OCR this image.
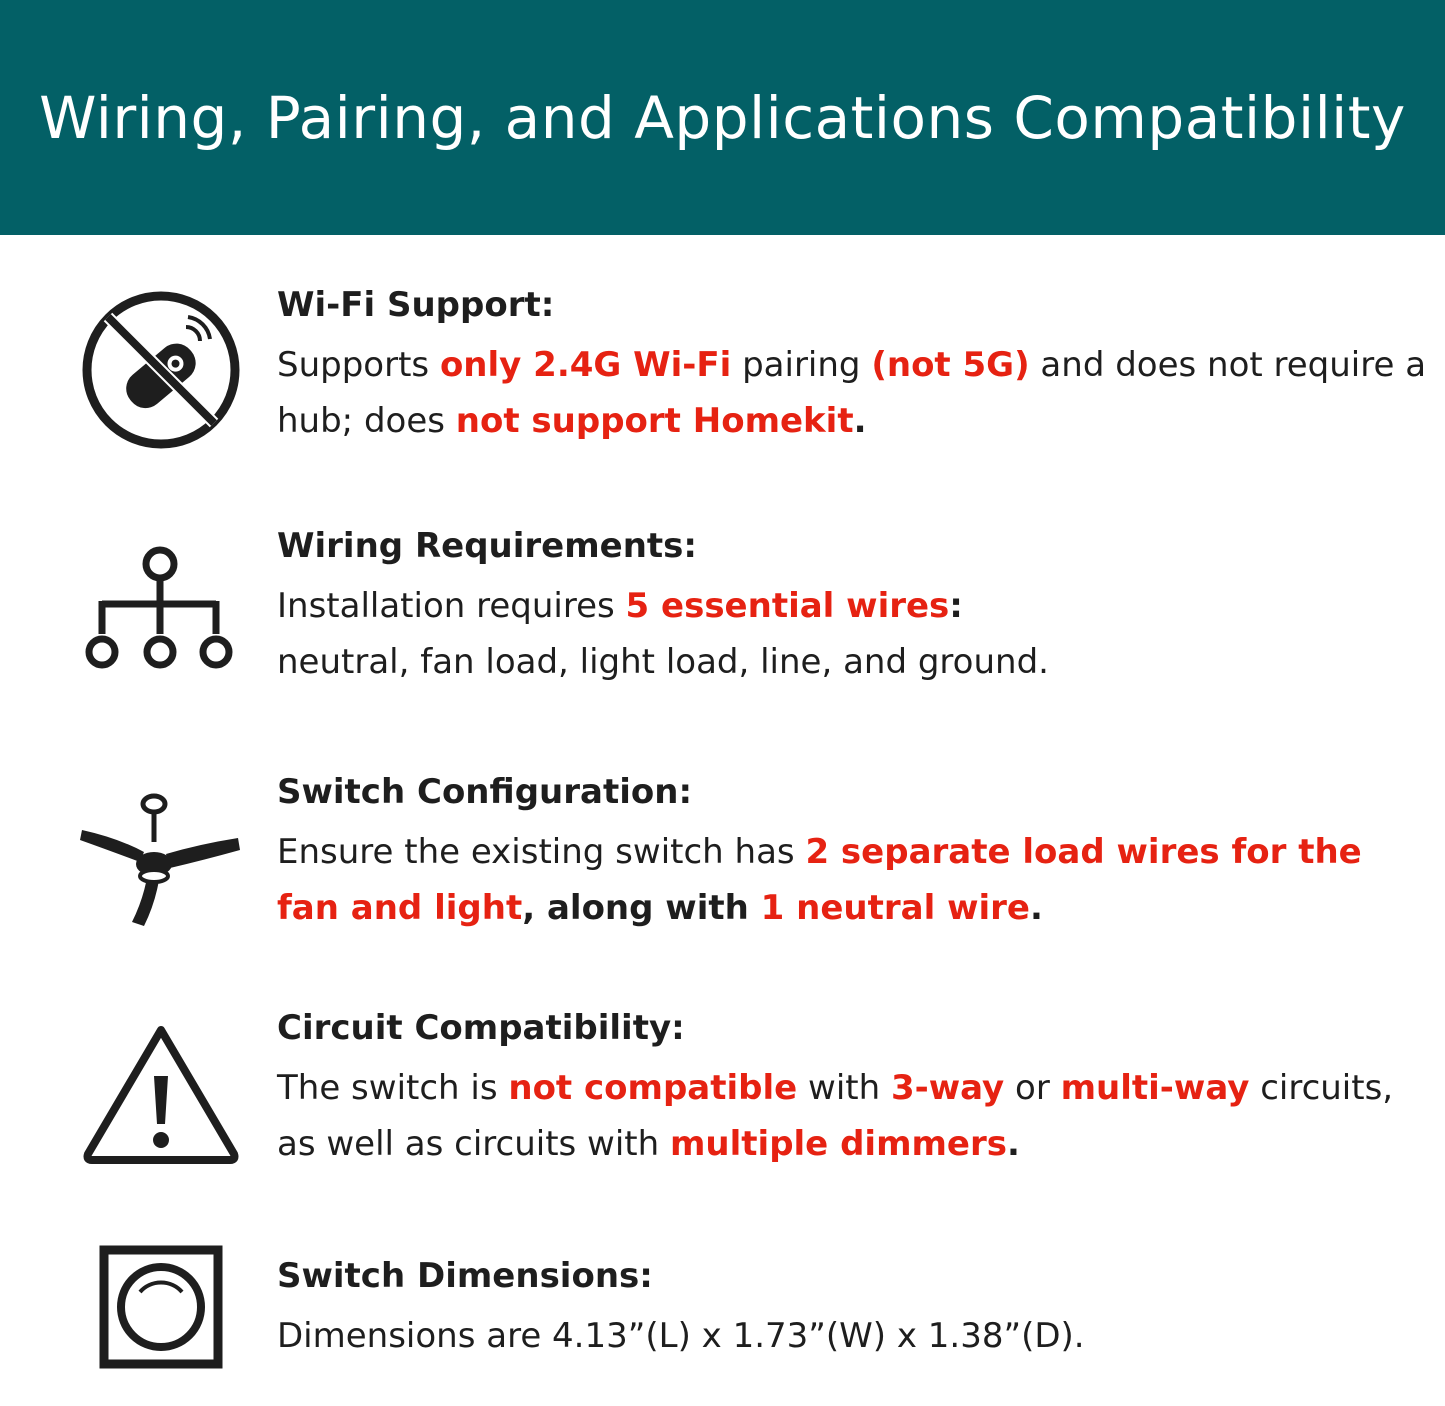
Wiring, Pairing, and Applications Compatibility
Wi-Fi Support:
Supports only 2.4G Wi-Fi pairing (not 5G) and does not require a hub; does not support Homekit.
Wiring Requirements:
Installation requires 5 essential wires:
neutral, fan load, light load, line, and ground.
Switch Configuration:
Ensure the existing switch has 2 separate load wires for the fan and light, along with 1 neutral wire.
Circuit Compatibility:
The switch is not compatible with 3-way or multi-way circuits, as well as circuits with multiple dimmers.
Switch Dimensions:
Dimensions are 4.13”(L) x 1.73”(W) x 1.38”(D).
